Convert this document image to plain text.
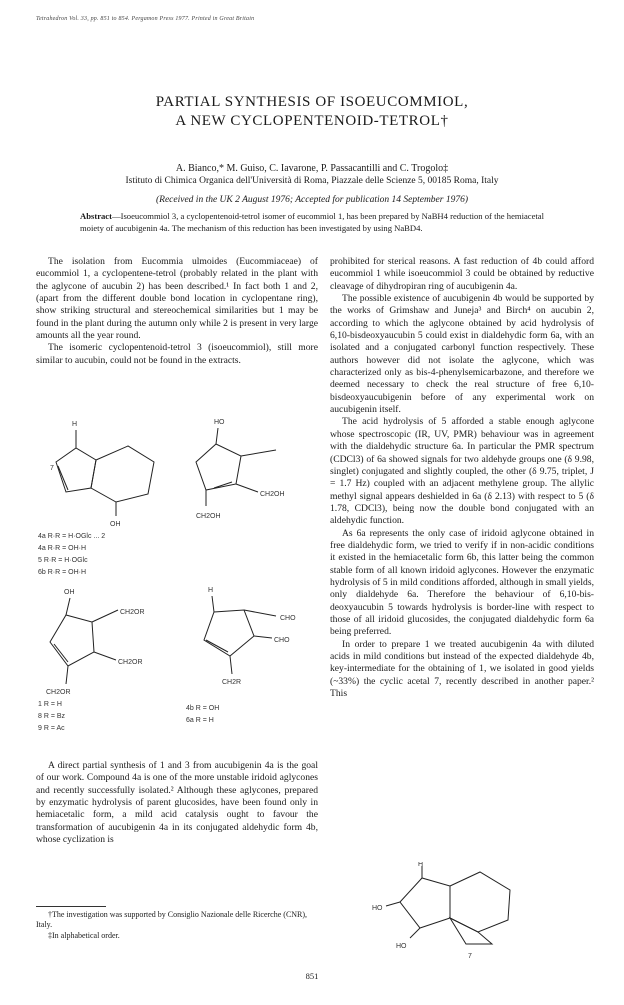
Tetrahedron Vol. 33, pp. 851 to 854. Pergamon Press 1977. Printed in Great Britain
PARTIAL SYNTHESIS OF ISOEUCOMMIOL,
A NEW CYCLOPENTENOID-TETROL†
A. Bianco,* M. Guiso, C. Iavarone, P. Passacantilli and C. Trogolo‡
Istituto di Chimica Organica dell'Università di Roma, Piazzale delle Scienze 5, 00185 Roma, Italy
(Received in the UK 2 August 1976; Accepted for publication 14 September 1976)
Abstract—Isoeucommiol 3, a cyclopentenoid-tetrol isomer of eucommiol 1, has been prepared by NaBH4 reduction of the hemiacetal moiety of aucubigenin 4a. The mechanism of this reduction has been investigated by using NaBD4.

The isolation from Eucommia ulmoides (Eucommiaceae) of eucommiol 1, a cyclopentene-tetrol (probably related in the plant with the aglycone of aucubin 2) has been described.¹ In fact both 1 and 2, (apart from the different double bond location in cyclopentane ring), show striking structural and stereochemical similarities but 1 may be found in the plant during the autumn only while 2 is present in very large amounts all the year round.

The isomeric cyclopentenoid-tetrol 3 (isoeucommiol), still more similar to aucubin, could not be found in the extracts.

H
7
OH
HO
CH2OH
CH2OH
OH
CH2OR
CH2OR
CH2OR
H
CHO
CHO
CH2R
4a R·R = H·OGlc ... 2
4a R·R = OH·H
5 R·R = H·OGlc
6b R·R = OH·H
1 R = H
8 R = Bz
9 R = Ac
4b R = OH
6a R = H

A direct partial synthesis of 1 and 3 from aucubigenin 4a is the goal of our work. Compound 4a is one of the more unstable iridoid aglycones and recently successfully isolated.² Although these aglycones, prepared by enzymatic hydrolysis of parent glucosides, have been found only in hemiacetalic form, a mild acid catalysis ought to favour the transformation of aucubigenin 4a in its conjugated aldehydic form 4b, whose cyclization is

†The investigation was supported by Consiglio Nazionale delle Ricerche (CNR), Italy.
‡In alphabetical order.

prohibited for sterical reasons. A fast reduction of 4b could afford eucommiol 1 while isoeucommiol 3 could be obtained by reductive cleavage of dihydropiran ring of aucubigenin 4a.

The possible existence of aucubigenin 4b would be supported by the works of Grimshaw and Juneja³ and Birch⁴ on aucubin 2, according to which the aglycone obtained by acid hydrolysis of 6,10-bisdeoxyaucubin 5 could exist in dialdehydic form 6a, with an isolated and a conjugated carbonyl function respectively. These authors however did not isolate the aglycone, which was characterized only as bis-4-phenylsemicarbazone, and therefore we deemed necessary to check the real structure of free 6,10-bisdeoxyaucubigenin before of any experimental work on aucubigenin itself.

The acid hydrolysis of 5 afforded a stable enough aglycone whose spectroscopic (IR, UV, PMR) behaviour was in agreement with the dialdehydic structure 6a. In particular the PMR spectrum (CDCl3) of 6a showed signals for two aldehyde groups one (δ 9.98, singlet) conjugated and slightly coupled, the other (δ 9.75, triplet, J = 1.7 Hz) coupled with an adjacent methylene group. The allylic methyl signal appears deshielded in 6a (δ 2.13) with respect to 5 (δ 1.78, CDCl3), being now the double bond conjugated with an aldehydic function.

As 6a represents the only case of iridoid aglycone obtained in free dialdehydic form, we tried to verify if in non-acidic conditions it existed in the hemiacetalic form 6b, this latter being the common stable form of all known iridoid aglycones. However the enzymatic hydrolysis of 5 in mild conditions afforded, although in small yields, only dialdehyde 6a. Therefore the behaviour of 6,10-bis-deoxyaucubin 5 towards hydrolysis is border-line with respect to those of all iridoid glucosides, the conjugated dialdehydic form 6a being preferred.

In order to prepare 1 we treated aucubigenin 4a with diluted acids in mild conditions but instead of the expected dialdehyde 4b, key-intermediate for the obtaining of 1, we isolated in good yields (~33%) the cyclic acetal 7, recently described in another paper.² This

H
HO
HO
7
851
